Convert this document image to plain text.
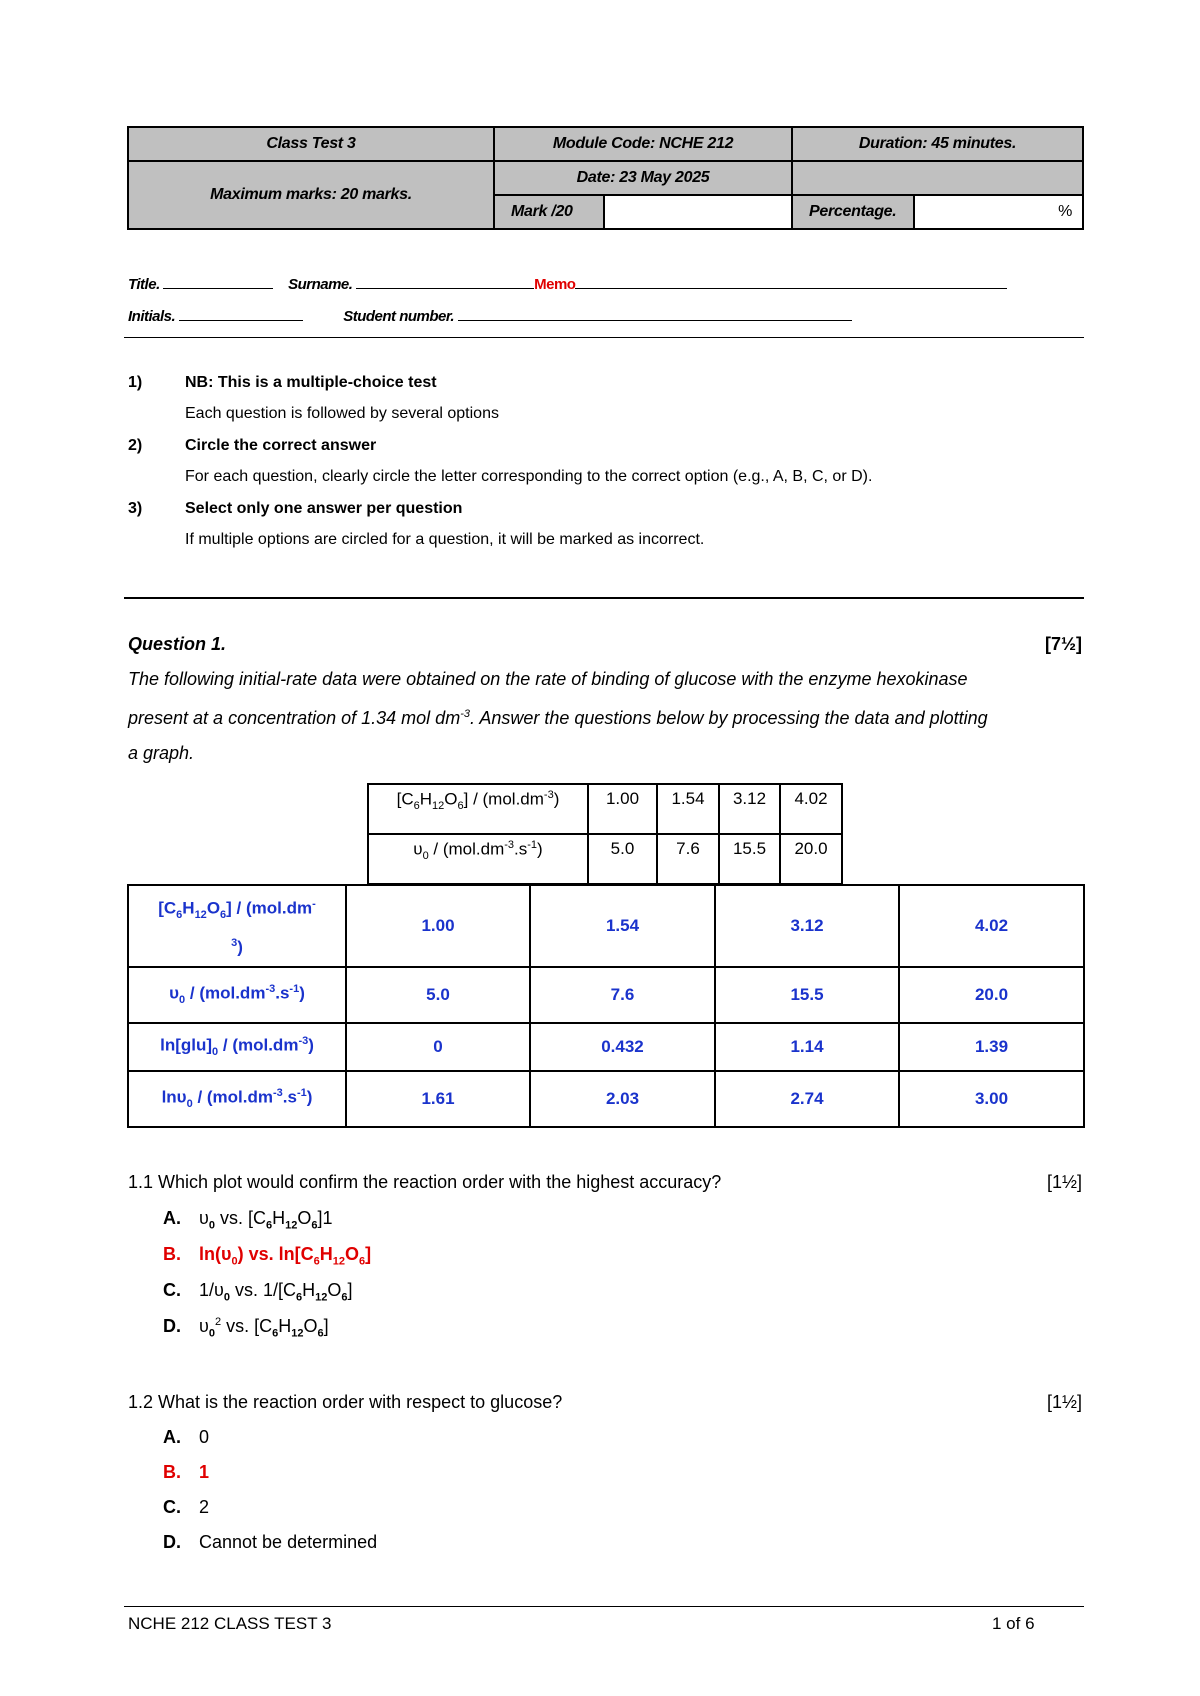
Class Test 3	Module Code: NCHE 212		Duration: 45 minutes.	
Maximum marks: 20 marks.	Date: 23 May 2025			
	Mark /20		Percentage.	%
Title.	Surname.	Memo
Initials.	Student number.
1)	NB: This is a multiple-choice test
Each question is followed by several options
2)	Circle the correct answer
For each question, clearly circle the letter corresponding to the correct option (e.g., A, B, C, or D).
3)	Select only one answer per question
If multiple options are circled for a question, it will be marked as incorrect.
Question 1.	[7½]
The following initial-rate data were obtained on the rate of binding of glucose with the enzyme hexokinase
present at a concentration of 1.34 mol $dm^{-3}$. Answer the questions below by processing the data and plotting
a graph.
$[C_6H_{12}O_6] / (mol.dm^{-3})$	1.00	1.54	3.12	4.02
$\upsilon_0 / (mol.dm^{-3}.s^{-1})$	5.0	7.6	15.5	20.0
$[C_6H_{12}O_6] / (mol.dm^-$
$^3$)	1.00	1.54	3.12	4.02
$\upsilon_0 / (mol.dm^{-3}.s^{-1})$	5.0	7.6	15.5	20.0
$\ln[glu]_0 / (mol.dm^{-3})$	0	0.432	1.14	1.39
$\ln\upsilon_0 / (mol.dm^{-3}.s^{-1})$	1.61	2.03	2.74	3.00
1.1 Which plot would confirm the reaction order with the highest accuracy?	[1½]
A. $\upsilon_0$ vs. $[C_6H_{12}O_6]1$
B. $\ln(\upsilon_0)$ vs. $\ln[C_6H_{12}O_6]$
C. $1/\upsilon_0$ vs. $1/[C_6H_{12}O_6]$
D. $\upsilon_0^2$ vs. $[C_6H_{12}O_6]$
1.2 What is the reaction order with respect to glucose?	[1½]
A. 0
B. 1
C. 2
D. Cannot be determined
NCHE 212 CLASS TEST 3	1 of 6
